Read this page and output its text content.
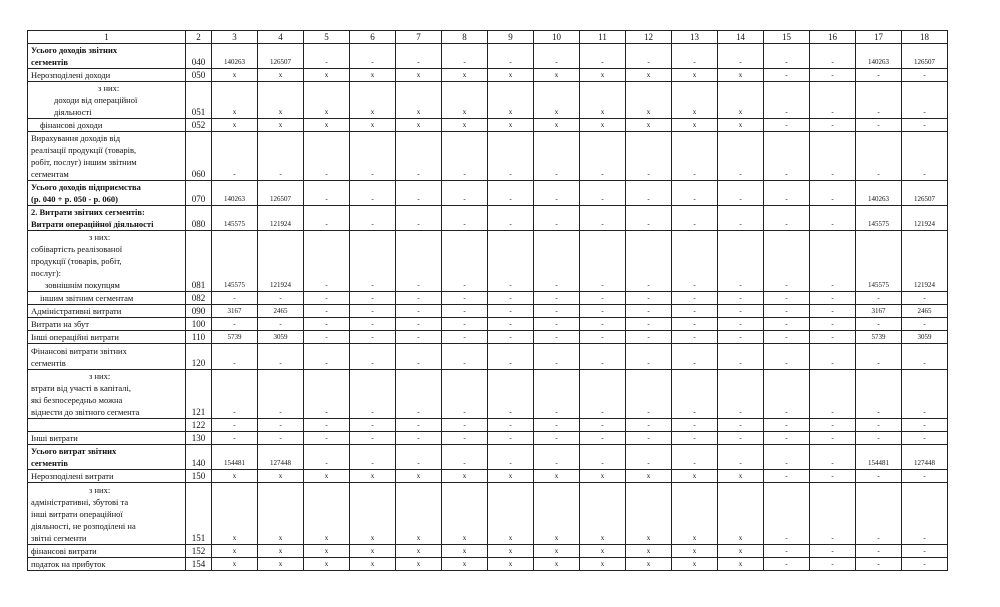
1	2	3	4	5	6	7	8	9	10	11	12	13	14	15	16	17	18

Усього доходів звітних
сегментів	040	140263	126507	-	-	-	-	-	-	-	-	-	-	-	-	140263	126507

Нерозподілені доходи	050	x	x	x	x	x	x	x	x	x	x	x	x	-	-	-	-

з них:
доходи від операційної
діяльності	051	x	x	x	x	x	x	x	x	x	x	x	x	-	-	-	-

фінансові доходи	052	x	x	x	x	x	x	x	x	x	x	x	x	-	-	-	-

Вирахування доходів від
реалізації продукції (товарів,
робіт, послуг) іншим звітним
сегментам	060	-	-	-	-	-	-	-	-	-	-	-	-	-	-	-	-

Усього доходів підприємства
(р. 040 + р. 050 - р. 060)	070	140263	126507	-	-	-	-	-	-	-	-	-	-	-	-	140263	126507

2. Витрати звітних сегментів:
Витрати операційної діяльності	080	145575	121924	-	-	-	-	-	-	-	-	-	-	-	-	145575	121924

з них:
собівартість реалізованої
продукції (товарів, робіт,
послуг):
зовнішнім покупцям	081	145575	121924	-	-	-	-	-	-	-	-	-	-	-	-	145575	121924

іншим звітним сегментам	082	-	-	-	-	-	-	-	-	-	-	-	-	-	-	-	-

Адміністративні витрати	090	3167	2465	-	-	-	-	-	-	-	-	-	-	-	-	3167	2465

Витрати на збут	100	-	-	-	-	-	-	-	-	-	-	-	-	-	-	-	-

Інші операційні витрати	110	5739	3059	-	-	-	-	-	-	-	-	-	-	-	-	5739	3059

Фінансові витрати звітних
сегментів	120	-	-	-	-	-	-	-	-	-	-	-	-	-	-	-	-

з них:
втрати від участі в капіталі,
які безпосередньо можна
віднести до звітного сегмента	121	-	-	-	-	-	-	-	-	-	-	-	-	-	-	-	-

	122	-	-	-	-	-	-	-	-	-	-	-	-	-	-	-	-

Інші витрати	130	-	-	-	-	-	-	-	-	-	-	-	-	-	-	-	-

Усього витрат звітних
сегментів	140	154481	127448	-	-	-	-	-	-	-	-	-	-	-	-	154481	127448

Нерозподілені витрати	150	x	x	x	x	x	x	x	x	x	x	x	x	-	-	-	-

з них:
адміністративні, збутові та
інші витрати операційної
діяльності, не розподілені на
звітні сегменти	151	x	x	x	x	x	x	x	x	x	x	x	x	-	-	-	-

фінансові витрати	152	x	x	x	x	x	x	x	x	x	x	x	x	-	-	-	-

податок на прибуток	154	x	x	x	x	x	x	x	x	x	x	x	x	-	-	-	-
